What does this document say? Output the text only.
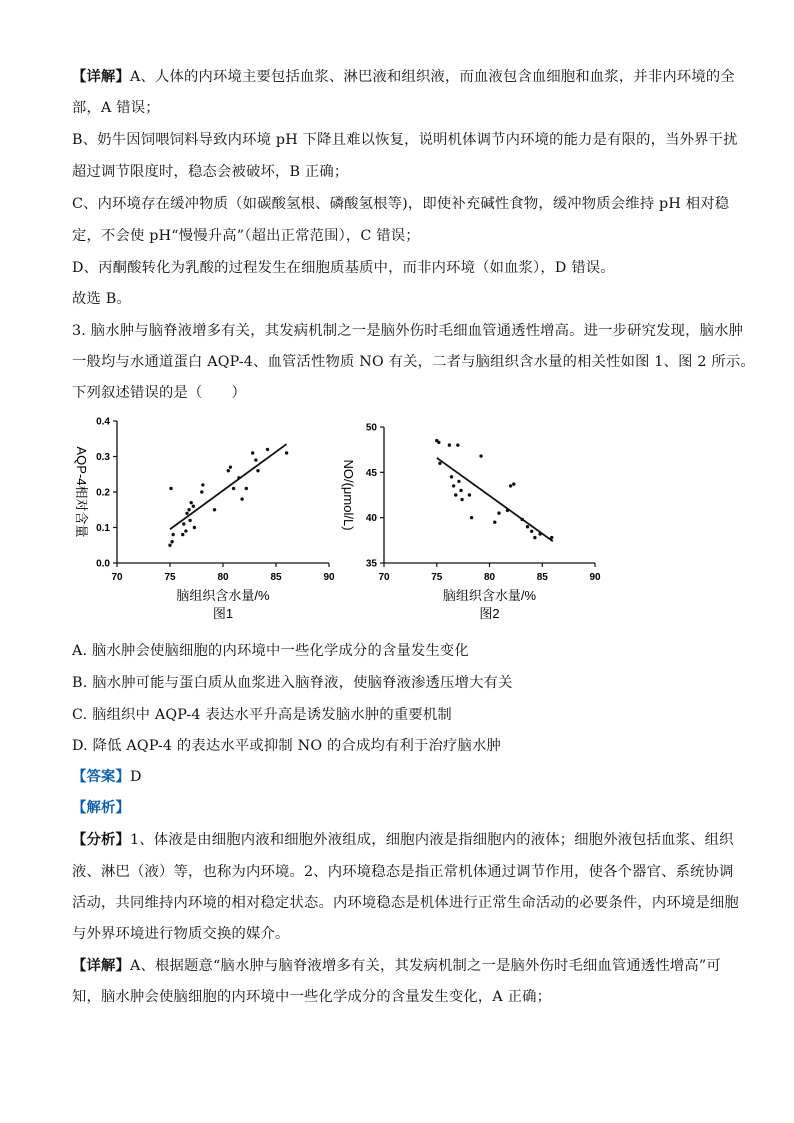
【详解】A、人体的内环境主要包括血浆、淋巴液和组织液，而血液包含血细胞和血浆，并非内环境的全
部，A 错误；
B、奶牛因饲喂饲料导致内环境 pH 下降且难以恢复，说明机体调节内环境的能力是有限的，当外界干扰
超过调节限度时，稳态会被破坏，B 正确；
C、内环境存在缓冲物质（如碳酸氢根、磷酸氢根等)，即使补充碱性食物，缓冲物质会维持 pH 相对稳
定，不会使 pH“慢慢升高”（超出正常范围），C 错误；
D、丙酮酸转化为乳酸的过程发生在细胞质基质中，而非内环境（如血浆），D 错误。
故选 B。
3. 脑水肿与脑脊液增多有关，其发病机制之一是脑外伤时毛细血管通透性增高。进一步研究发现，脑水肿
一般均与水通道蛋白 AQP-4、血管活性物质 NO 有关，二者与脑组织含水量的相关性如图 1、图 2 所示。
下列叙述错误的是（　　）
70	75	80	85	90
0.0
0.1
0.2
0.3
0.4
脑组织含水量/%
图1
AQP-4相对含量
70	75	80	85	90
35
40
45
50
脑组织含水量/%
图2
NO/(μmol/L)
A. 脑水肿会使脑细胞的内环境中一些化学成分的含量发生变化
B. 脑水肿可能与蛋白质从血浆进入脑脊液，使脑脊液渗透压增大有关
C. 脑组织中 AQP-4 表达水平升高是诱发脑水肿的重要机制
D. 降低 AQP-4 的表达水平或抑制 NO 的合成均有利于治疗脑水肿
【答案】D
【解析】
【分析】1、体液是由细胞内液和细胞外液组成，细胞内液是指细胞内的液体；细胞外液包括血浆、组织
液、淋巴（液）等，也称为内环境。2、内环境稳态是指正常机体通过调节作用，使各个器官、系统协调
活动，共同维持内环境的相对稳定状态。内环境稳态是机体进行正常生命活动的必要条件，内环境是细胞
与外界环境进行物质交换的媒介。
【详解】A、根据题意“脑水肿与脑脊液增多有关，其发病机制之一是脑外伤时毛细血管通透性增高”可
知，脑水肿会使脑细胞的内环境中一些化学成分的含量发生变化，A 正确；
